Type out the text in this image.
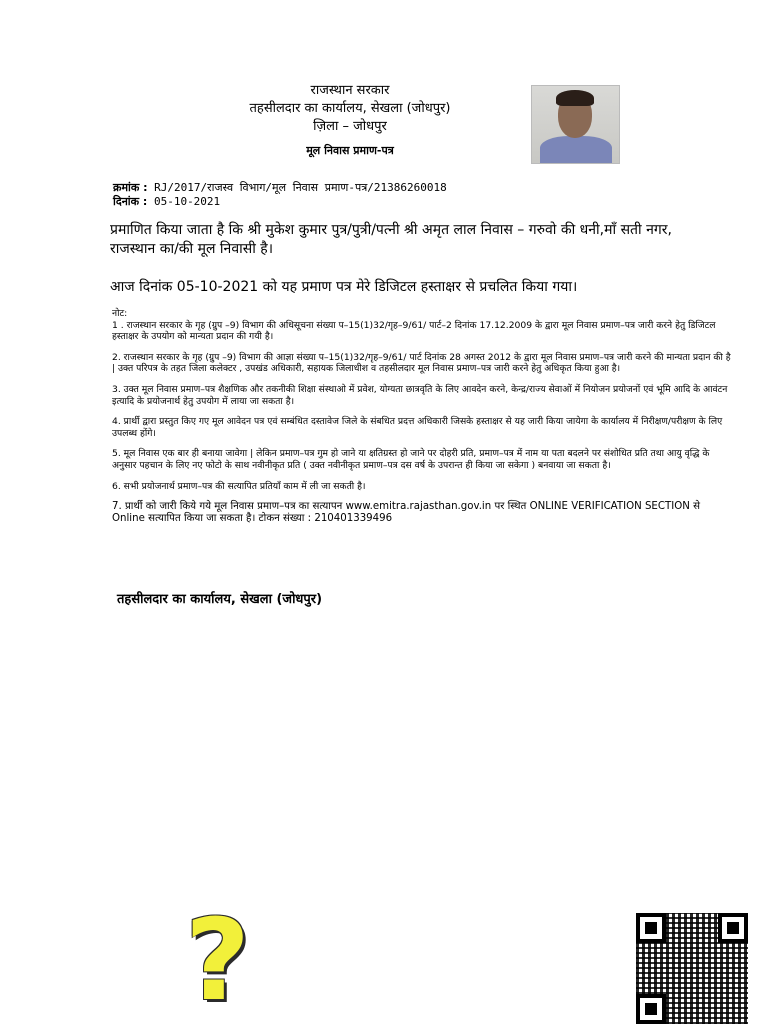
राजस्थान सरकार
तहसीलदार का कार्यालय, सेखला (जोधपुर)
ज़िला – जोधपुर
मूल निवास प्रमाण-पत्र
क्रमांक : RJ/2017/राजस्व विभाग/मूल निवास प्रमाण-पत्र/21386260018
दिनांक : 05-10-2021
प्रमाणित किया जाता है कि श्री मुकेश कुमार पुत्र/पुत्री/पत्नी श्री अमृत लाल निवास – गरुवो की धनी,माँ सती नगर, राजस्थान का/की मूल निवासी है।
आज दिनांक 05-10-2021 को यह प्रमाण पत्र मेरे डिजिटल हस्ताक्षर से प्रचलित किया गया।
नोट:
1 . राजस्थान सरकार के गृह (ग्रुप –9) विभाग की अधिसूचना संख्या प–15(1)32/गृह–9/61/ पार्ट–2 दिनांक 17.12.2009 के द्वारा मूल निवास प्रमाण–पत्र जारी करने हेतु डिजिटल हस्ताक्षर के उपयोग को मान्यता प्रदान की गयी है।
2. राजस्थान सरकार के गृह (ग्रुप –9) विभाग की आज्ञा संख्या प–15(1)32/गृह–9/61/ पार्ट दिनांक 28 अगस्त 2012 के द्वारा मूल निवास प्रमाण–पत्र जारी करने की मान्यता प्रदान की है | उक्त परिपत्र के तहत जिला कलेक्टर , उपखंड अधिकारी, सहायक जिलाधीश व तहसीलदार मूल निवास प्रमाण–पत्र जारी करने हेतु अधिकृत किया हुआ है।
3. उक्त मूल निवास प्रमाण–पत्र शैक्षणिक और तकनीकी शिक्षा संस्थाओ में प्रवेश, योग्यता छात्रवृति के लिए आवदेन करने, केन्द्र/राज्य सेवाओं में नियोजन प्रयोजनों एवं भूमि आदि के आवंटन इत्यादि के प्रयोजनार्थ हेतु उपयोग में लाया जा सकता है।
4. प्रार्थी द्वारा प्रस्तुत किए गए मूल आवेदन पत्र एवं सम्बंधित दस्तावेज जिले के संबधित प्रदत्त अधिकारी जिसके हस्ताक्षर से यह जारी किया जायेगा के कार्यालय में निरीक्षण/परीक्षण के लिए उपलब्ध होंगे।
5. मूल निवास एक बार ही बनाया जावेगा | लेकिन प्रमाण–पत्र गुम हो जाने या क्षतिग्रस्त हो जाने पर दोहरी प्रति, प्रमाण–पत्र में नाम या पता बदलने पर संशोधित प्रति तथा आयु वृद्धि के अनुसार पहचान के लिए नए फोटो के साथ नवीनीकृत प्रति ( उक्त नवीनीकृत प्रमाण–पत्र दस वर्ष के उपरान्त ही किया जा सकेगा ) बनवाया जा सकता है।
6. सभी प्रयोजनार्थ प्रमाण–पत्र की सत्यापित प्रतियाँ काम में ली जा सकती है।
7. प्रार्थी को जारी किये गये मूल निवास प्रमाण–पत्र का सत्यापन www.emitra.rajasthan.gov.in पर स्थित ONLINE VERIFICATION SECTION से Online सत्यापित किया जा सकता है। टोकन संख्या : 210401339496
तहसीलदार का कार्यालय, सेखला (जोधपुर)
?
